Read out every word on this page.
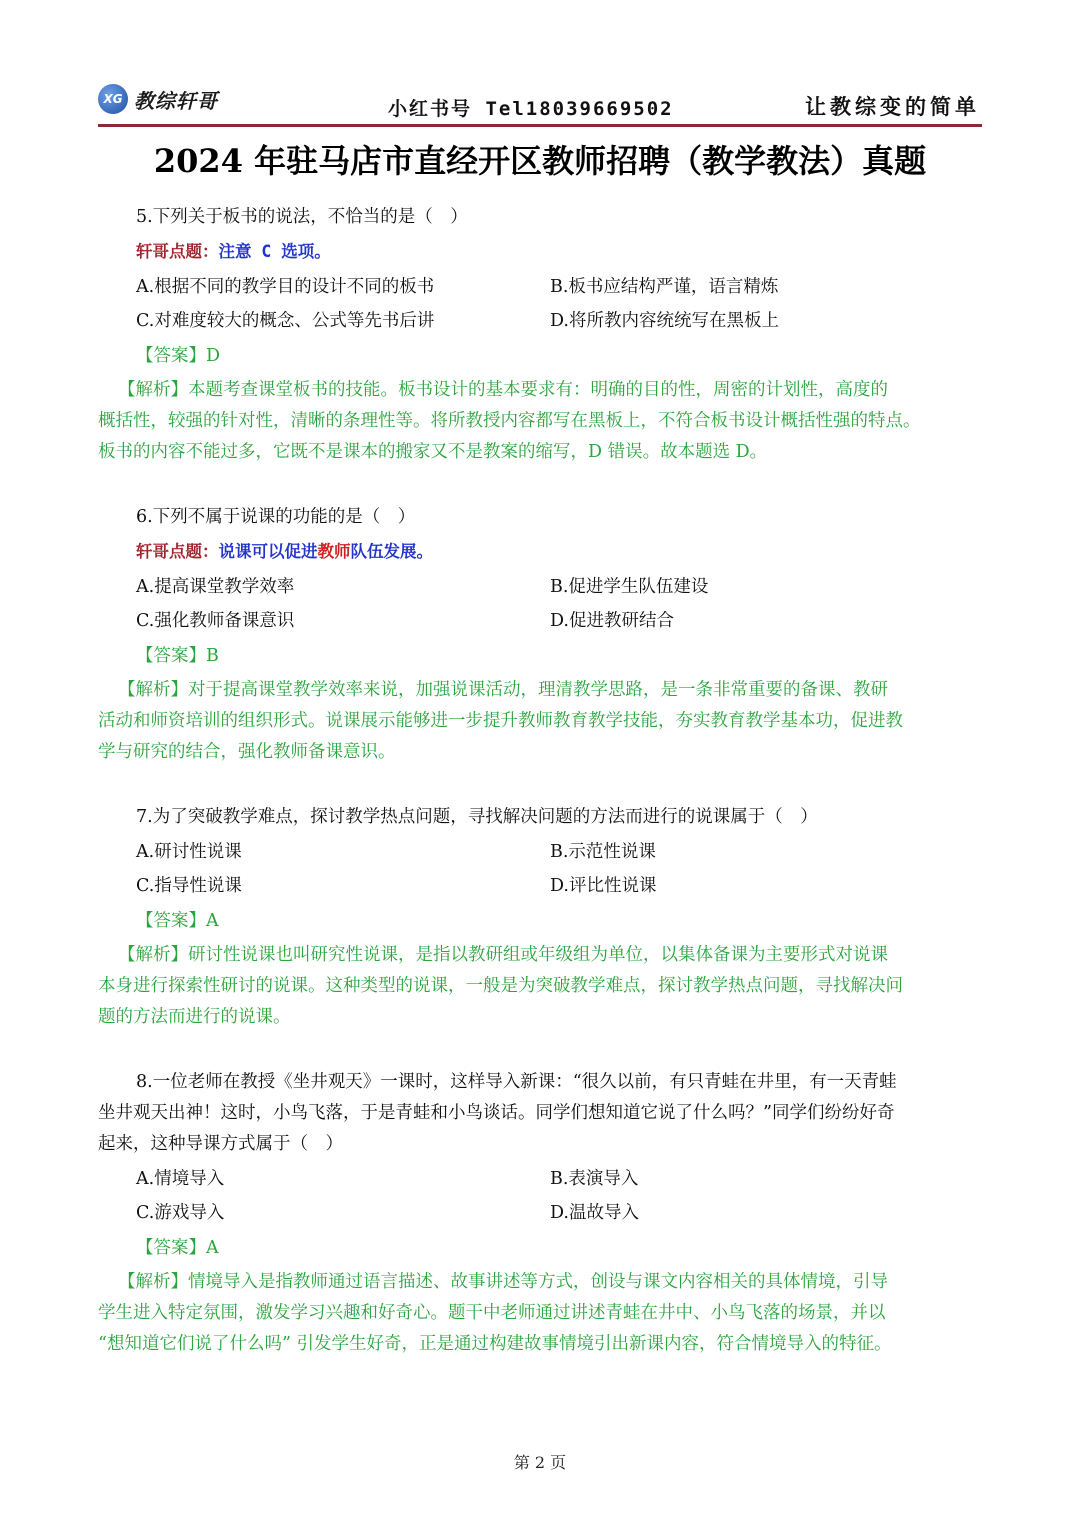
XG 教综轩哥	小红书号 Tel18039669502	让教综变的简单
2024 年驻马店市直经开区教师招聘（教学教法）真题
5.下列关于板书的说法，不恰当的是（　）
轩哥点题：注意 C 选项。
A.根据不同的教学目的设计不同的板书	B.板书应结构严谨，语言精炼
C.对难度较大的概念、公式等先书后讲	D.将所教内容统统写在黑板上
【答案】D
【解析】本题考查课堂板书的技能。板书设计的基本要求有：明确的目的性，周密的计划性，高度的
概括性，较强的针对性，清晰的条理性等。将所教授内容都写在黑板上，不符合板书设计概括性强的特点。
板书的内容不能过多，它既不是课本的搬家又不是教案的缩写，D 错误。故本题选 D。
6.下列不属于说课的功能的是（　）
轩哥点题：说课可以促进教师队伍发展。
A.提高课堂教学效率	B.促进学生队伍建设
C.强化教师备课意识	D.促进教研结合
【答案】B
【解析】对于提高课堂教学效率来说，加强说课活动，理清教学思路，是一条非常重要的备课、教研
活动和师资培训的组织形式。说课展示能够进一步提升教师教育教学技能，夯实教育教学基本功，促进教
学与研究的结合，强化教师备课意识。
7.为了突破教学难点，探讨教学热点问题，寻找解决问题的方法而进行的说课属于（　）
A.研讨性说课	B.示范性说课
C.指导性说课	D.评比性说课
【答案】A
【解析】研讨性说课也叫研究性说课，是指以教研组或年级组为单位，以集体备课为主要形式对说课
本身进行探索性研讨的说课。这种类型的说课，一般是为突破教学难点，探讨教学热点问题，寻找解决问
题的方法而进行的说课。
8.一位老师在教授《坐井观天》一课时，这样导入新课：“很久以前，有只青蛙在井里，有一天青蛙
坐井观天出神！这时，小鸟飞落，于是青蛙和小鸟谈话。同学们想知道它说了什么吗？”同学们纷纷好奇
起来，这种导课方式属于（　）
A.情境导入	B.表演导入
C.游戏导入	D.温故导入
【答案】A
【解析】情境导入是指教师通过语言描述、故事讲述等方式，创设与课文内容相关的具体情境，引导
学生进入特定氛围，激发学习兴趣和好奇心。题干中老师通过讲述青蛙在井中、小鸟飞落的场景，并以
“想知道它们说了什么吗” 引发学生好奇，正是通过构建故事情境引出新课内容，符合情境导入的特征。
第 2 页
